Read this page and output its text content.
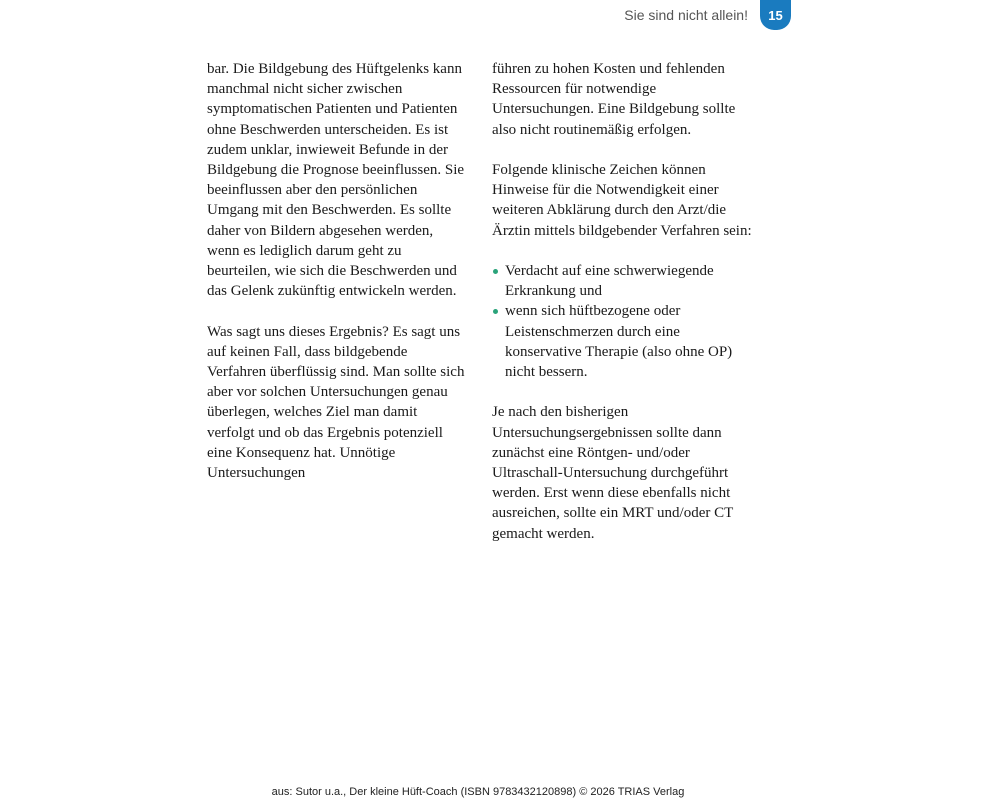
Sie sind nicht allein!	15

bar. Die Bildgebung des Hüftgelenks kann manchmal nicht sicher zwischen symptomatischen Patienten und Patienten ohne Beschwerden unterscheiden. Es ist zudem unklar, inwieweit Befunde in der Bildgebung die Prognose beeinflussen. Sie beeinflussen aber den persönlichen Umgang mit den Beschwerden. Es sollte daher von Bildern abgesehen werden, wenn es lediglich darum geht zu beurteilen, wie sich die Beschwerden und das Gelenk zukünftig entwickeln werden.

Was sagt uns dieses Ergebnis? Es sagt uns auf keinen Fall, dass bildgebende Verfahren überflüssig sind. Man sollte sich aber vor solchen Untersuchungen genau überlegen, welches Ziel man damit verfolgt und ob das Ergebnis potenziell eine Konsequenz hat. Unnötige Untersuchungen

führen zu hohen Kosten und fehlenden Ressourcen für notwendige Untersuchungen. Eine Bildgebung sollte also nicht routinemäßig erfolgen.

Folgende klinische Zeichen können Hinweise für die Notwendigkeit einer weiteren Abklärung durch den Arzt/die Ärztin mittels bildgebender Verfahren sein:

Verdacht auf eine schwerwiegende Erkrankung und
wenn sich hüftbezogene oder Leistenschmerzen durch eine konservative Therapie (also ohne OP) nicht bessern.

Je nach den bisherigen Untersuchungsergebnissen sollte dann zunächst eine Röntgen- und/oder Ultraschall-Untersuchung durchgeführt werden. Erst wenn diese ebenfalls nicht ausreichen, sollte ein MRT und/oder CT gemacht werden.

aus: Sutor u.a., Der kleine Hüft-Coach (ISBN 9783432120898) © 2026 TRIAS Verlag
